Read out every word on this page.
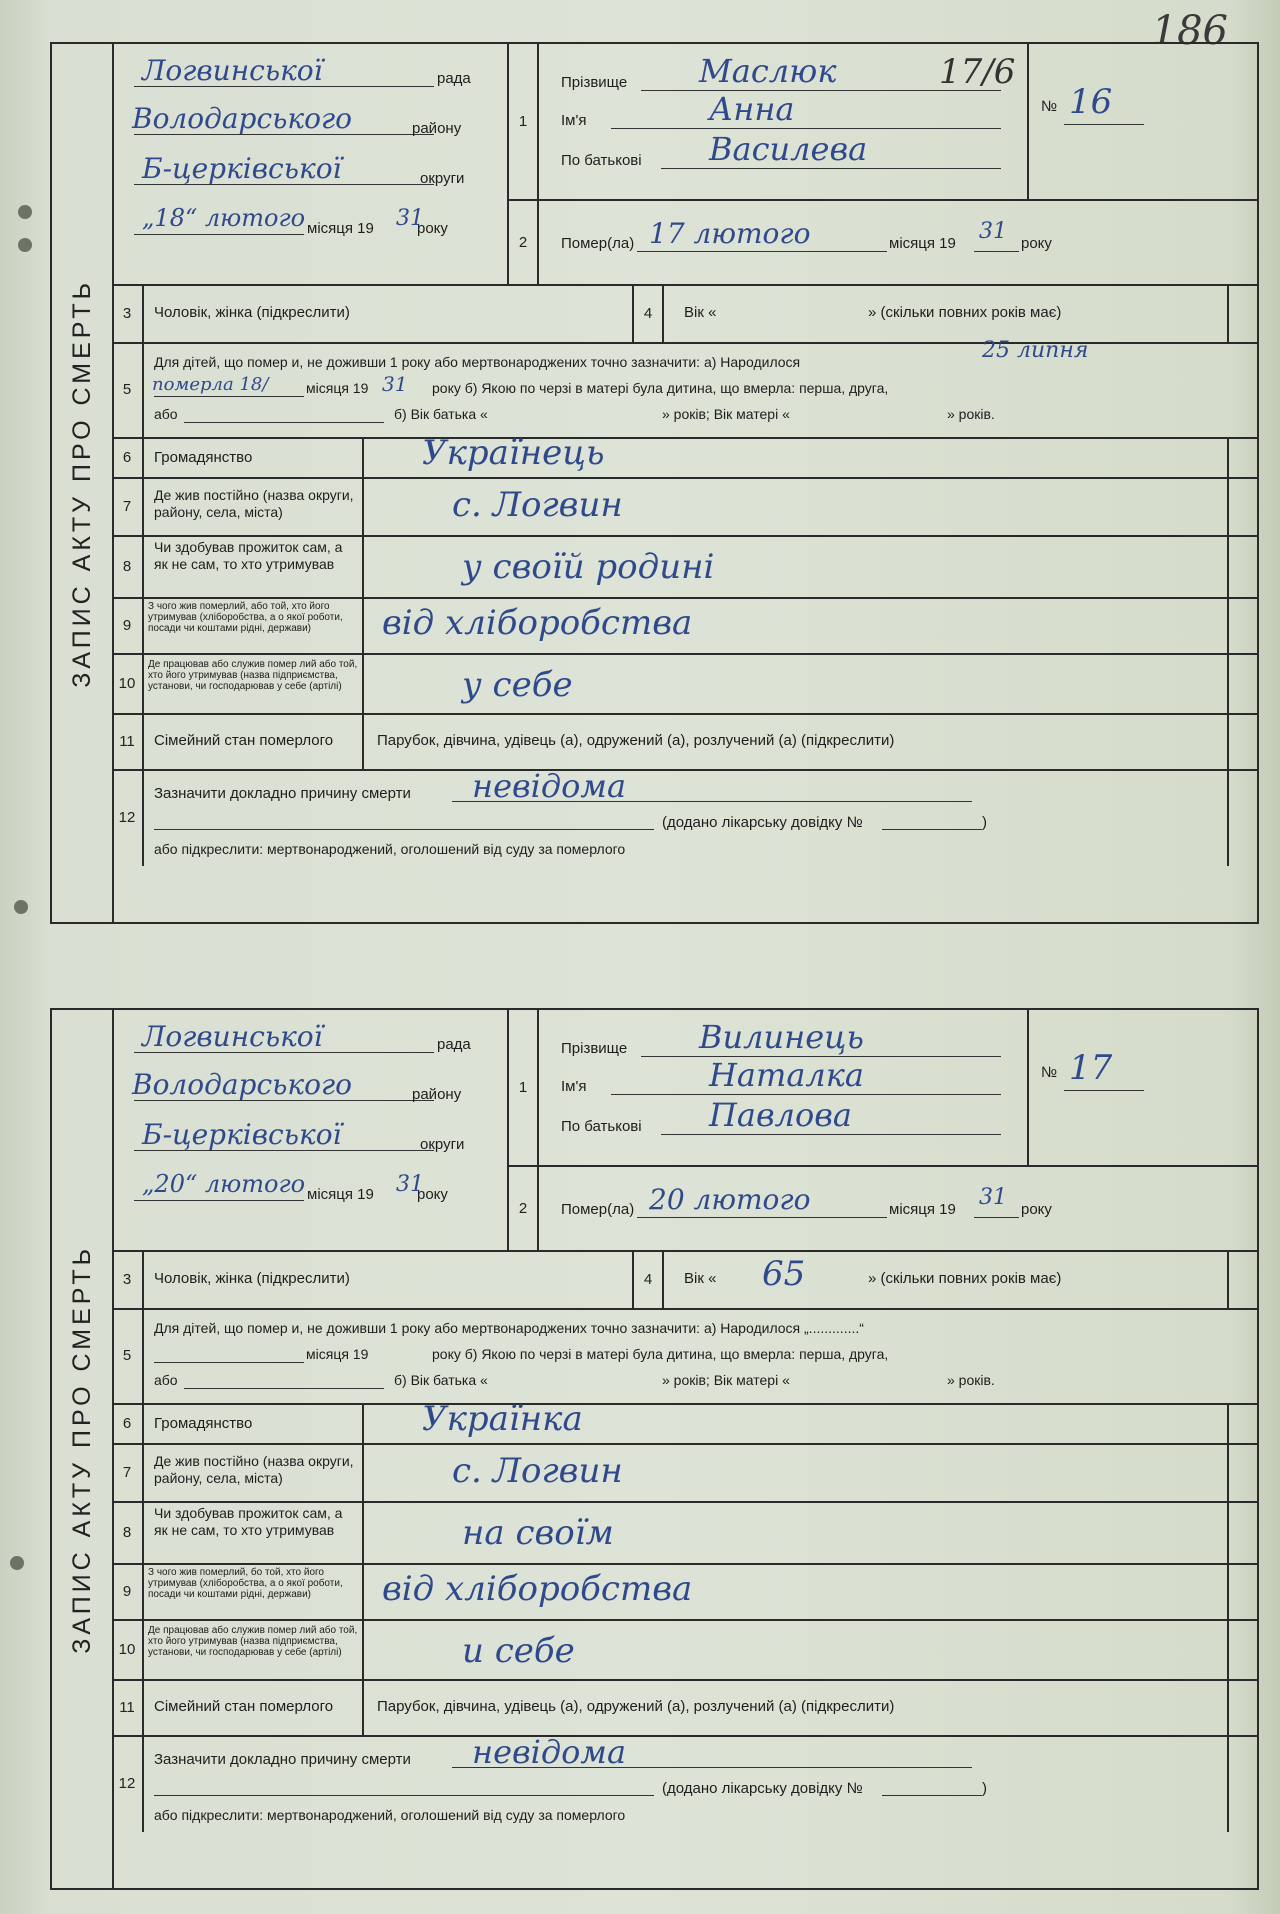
186
ЗАПИС АКТУ ПРО СМЕРТЬ
Логвинської	рада
Володарського	району
Б-церківської	округи
„18“ лютого місяця 19 31
року
1
Прізвище Маслюк	17/6
Ім'я	Анна
По батькові Василева
№ 16
2	Помер(ла) 17 лютого	місяця 19 31 року
3	Чоловік, жінка (підкреслити)	4	Вік «	» (скільки повних років має)
5
Для дітей, що помер и, не доживши 1 року або мертвонароджених точно зазначити: а) Народилося	25 липня
померла 18/	місяця 19 31 року б) Якою по черзі в матері була дитина, що вмерла: перша, друга,
або	б) Вік батька «	» років; Вік матері «	» років.
6	Громадянство	Українець
7
Де жив постійно (назва округи, району, села, міста)	с. Логвин
8
Чи здобував прожиток сам, а як не сам, то хто утримував	у своїй родині
9
З чого жив померлий, або той, хто його утримував (хліборобства, а о якої роботи, посади чи коштами рідні, держави)	від хліборобства
10
Де працював або служив помер лий або той, хто його утримував (назва підприємства, установи, чи господарював у себе (артілі)	у себе
11	Сімейний стан померлого	Парубок, дівчина, удівець (а), одружений (а), розлучений (а) (підкреслити)
12
Зазначити докладно причину смерти невідома
(додано лікарську довідку №	)
або підкреслити: мертвонароджений, оголошений від суду за померлого
ЗАПИС АКТУ ПРО СМЕРТЬ
Логвинської	рада
Володарського	району
Б-церківської	округи
„20“ лютого місяця 19 31
року
1
Прізвище Вилинець
Ім'я	Наталка
По батькові Павлова
№ 17
2	Помер(ла) 20 лютого	місяця 19 31 року
3	Чоловік, жінка (підкреслити)	4	Вік « 65	» (скільки повних років має)
5
Для дітей, що помер и, не доживши 1 року або мертвонароджених точно зазначити: а) Народилося „.............“
місяця 19	року б) Якою по черзі в матері була дитина, що вмерла: перша, друга,
або	б) Вік батька «	» років; Вік матері «	» років.
6	Громадянство	Українка
7
Де жив постійно (назва округи, району, села, міста)	с. Логвин
8
Чи здобував прожиток сам, а як не сам, то хто утримував	на своїм
9
З чого жив померлий, бо той, хто його утримував (хліборобства, а о якої роботи, посади чи коштами рідні, держави)	від хліборобства
10
Де працював або служив помер лий або той, хто його утримував (назва підприємства, установи, чи господарював у себе (артілі)	и себе
11	Сімейний стан померлого	Парубок, дівчина, удівець (а), одружений (а), розлучений (а) (підкреслити)
12
Зазначити докладно причину смерти невідома
(додано лікарську довідку №	)
або підкреслити: мертвонароджений, оголошений від суду за померлого
